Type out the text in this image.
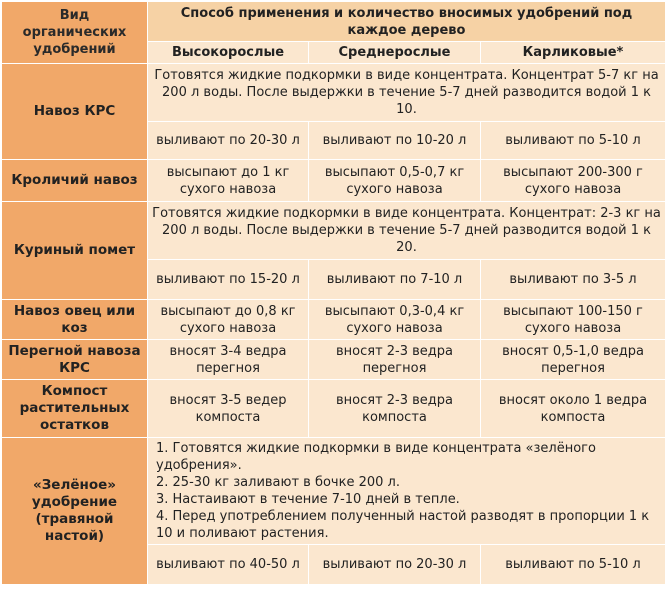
Вид органических удобрений	Способ применения и количество вносимых удобрений под каждое дерево		
	Высокорослые	Среднерослые	Карликовые*
Навоз КРС	Готовятся жидкие подкормки в виде концентрата. Концентрат 5-7 кг на 200 л воды. После выдержки в течение 5-7 дней разводится водой 1 к 10.		
	выливают по 20-30 л	выливают по 10-20 л	выливают по 5-10 л
Кроличий навоз	высыпают до 1 кг сухого навоза	высыпают 0,5-0,7 кг сухого навоза	высыпают 200-300 г сухого навоза
Куриный помет	Готовятся жидкие подкормки в виде концентрата. Концентрат: 2-3 кг на 200 л воды. После выдержки в течение 5-7 дней разводится водой 1 к 20.		
	выливают по 15-20 л	выливают по 7-10 л	выливают по 3-5 л
Навоз овец или коз	высыпают до 0,8 кг сухого навоза	высыпают 0,3-0,4 кг сухого навоза	высыпают 100-150 г сухого навоза
Перегной навоза КРС	вносят 3-4 ведра перегноя	вносят 2-3 ведра перегноя	вносят 0,5-1,0 ведра перегноя
Компост растительных остатков	вносят 3-5 ведер компоста	вносят 2-3 ведра компоста	вносят около 1 ведра компоста
«Зелёное» удобрение (травяной настой)	1. Готовятся жидкие подкормки в виде концентрата «зелёного удобрения».
2. 25-30 кг заливают в бочке 200 л.
3. Настаивают в течение 7-10 дней в тепле.
4. Перед употреблением полученный настой разводят в пропорции 1 к 10 и поливают растения.		

	выливают по 40-50 л	выливают по 20-30 л	выливают по 5-10 л
